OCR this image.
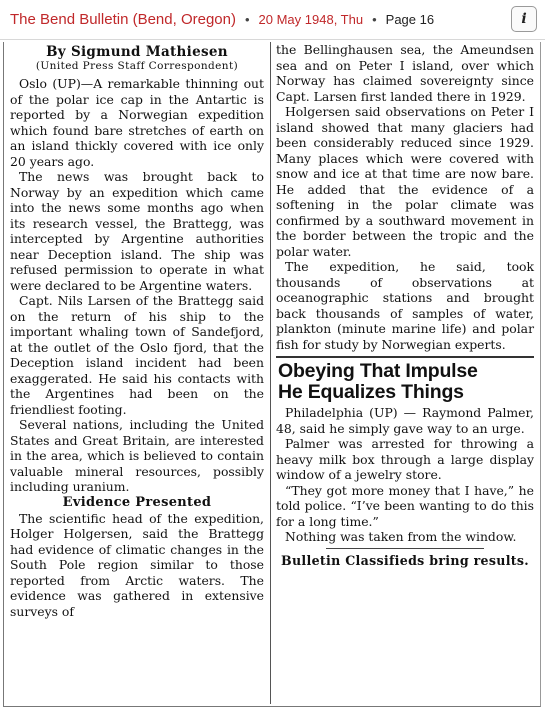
The Bend Bulletin (Bend, Oregon) • 20 May 1948, Thu • Page 16	i
By Sigmund Mathiesen
(United Press Staff Correspondent)

Oslo (UP)—A remarkable thinning out of the polar ice cap in the Antartic is reported by a Norwegian expedition which found bare stretches of earth on an island thickly covered with ice only 20 years ago.

The news was brought back to Norway by an expedition which came into the news some months ago when its research vessel, the Brattegg, was intercepted by Argentine authorities near Deception island. The ship was refused permission to operate in what were declared to be Argentine waters.

Capt. Nils Larsen of the Brattegg said on the return of his ship to the important whaling town of Sandefjord, at the outlet of the Oslo fjord, that the Deception island incident had been exaggerated. He said his contacts with the Argentines had been on the friendliest footing.

Several nations, including the United States and Great Britain, are interested in the area, which is believed to contain valuable mineral resources, possibly including uranium.

Evidence Presented

The scientific head of the expedition, Holger Holgersen, said the Brattegg had evidence of climatic changes in the South Pole region similar to those reported from Arctic waters. The evidence was gathered in extensive surveys of

the Bellinghausen sea, the Ameundsen sea and on Peter I island, over which Norway has claimed sovereignty since Capt. Larsen first landed there in 1929.

Holgersen said observations on Peter I island showed that many glaciers had been considerably reduced since 1929. Many places which were covered with snow and ice at that time are now bare. He added that the evidence of a softening in the polar climate was confirmed by a southward movement in the border between the tropic and the polar water.

The expedition, he said, took thousands of observations at oceanographic stations and brought back thousands of samples of water, plankton (minute marine life) and polar fish for study by Norwegian experts.

Obeying That Impulse
He Equalizes Things

Philadelphia (UP) — Raymond Palmer, 48, said he simply gave way to an urge.

Palmer was arrested for throwing a heavy milk box through a large display window of a jewelry store.

“They got more money that I have,” he told police. “I’ve been wanting to do this for a long time.”

Nothing was taken from the window.

Bulletin Classifieds bring results.
